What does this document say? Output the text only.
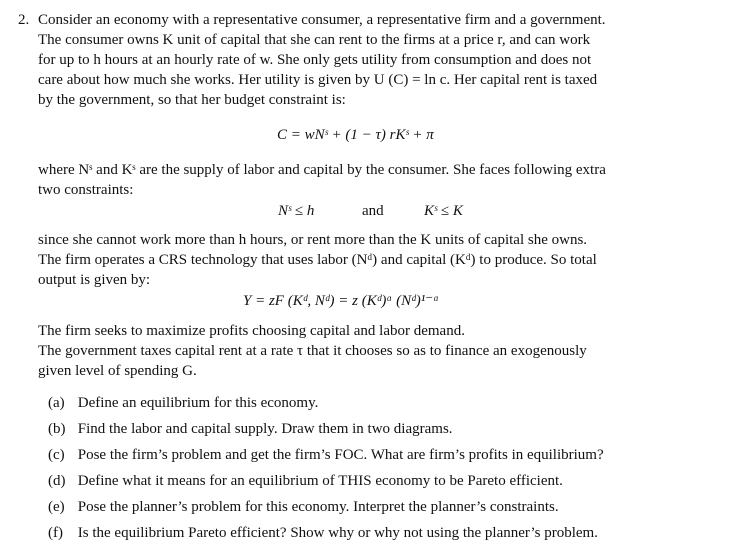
2. Consider an economy with a representative consumer, a representative firm and a government.
The consumer owns K unit of capital that she can rent to the firms at a price r, and can work
for up to h hours at an hourly rate of w. She only gets utility from consumption and does not
care about how much she works. Her utility is given by U (C) = ln c. Her capital rent is taxed
by the government, so that her budget constraint is:
C = wNˢ + (1 − τ) rKˢ + π
where Nˢ and Kˢ are the supply of labor and capital by the consumer. She faces following extra
two constraints:
Nˢ ≤ h	and	Kˢ ≤ K
since she cannot work more than h hours, or rent more than the K units of capital she owns.
The firm operates a CRS technology that uses labor (Nᵈ) and capital (Kᵈ) to produce. So total
output is given by:
Y = zF (Kᵈ, Nᵈ) = z (Kᵈ)ᵅ (Nᵈ)¹⁻ᵅ
The firm seeks to maximize profits choosing capital and labor demand.
The government taxes capital rent at a rate τ that it chooses so as to finance an exogenously
given level of spending G.
(a) Define an equilibrium for this economy.
(b) Find the labor and capital supply. Draw them in two diagrams.
(c) Pose the firm’s problem and get the firm’s FOC. What are firm’s profits in equilibrium?
(d) Define what it means for an equilibrium of THIS economy to be Pareto efficient.
(e) Pose the planner’s problem for this economy. Interpret the planner’s constraints.
(f) Is the equilibrium Pareto efficient? Show why or why not using the planner’s problem.
